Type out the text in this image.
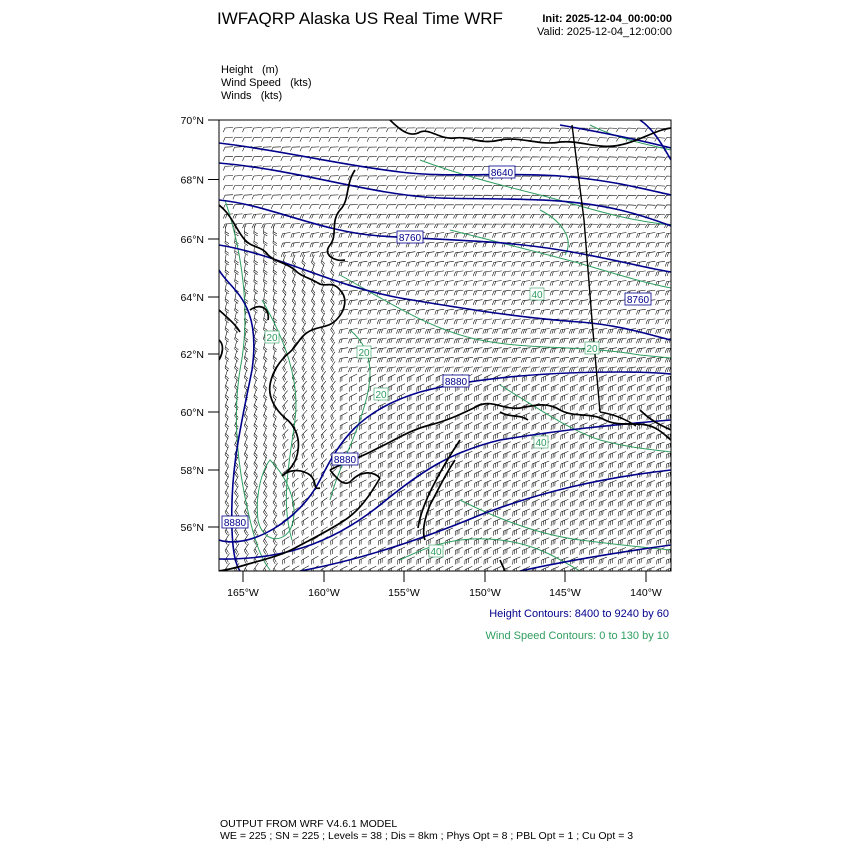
IWFAQRP Alaska US Real Time WRF	Init: 2025-12-04_00:00:00
Valid: 2025-12-04_12:00:00
Height (m)
Wind Speed (kts)
Winds (kts)
8640
8760
8760
8880
8880
8880
20
20
20
40
40
40
20
70°N
68°N
66°N
64°N
62°N
60°N
58°N
56°N
165°W	160°W	155°W	150°W	145°W	140°W
Height Contours: 8400 to 9240 by 60
Wind Speed Contours: 0 to 130 by 10
OUTPUT FROM WRF V4.6.1 MODEL
WE = 225 ; SN = 225 ; Levels = 38 ; Dis = 8km ; Phys Opt = 8 ; PBL Opt = 1 ; Cu Opt = 3
